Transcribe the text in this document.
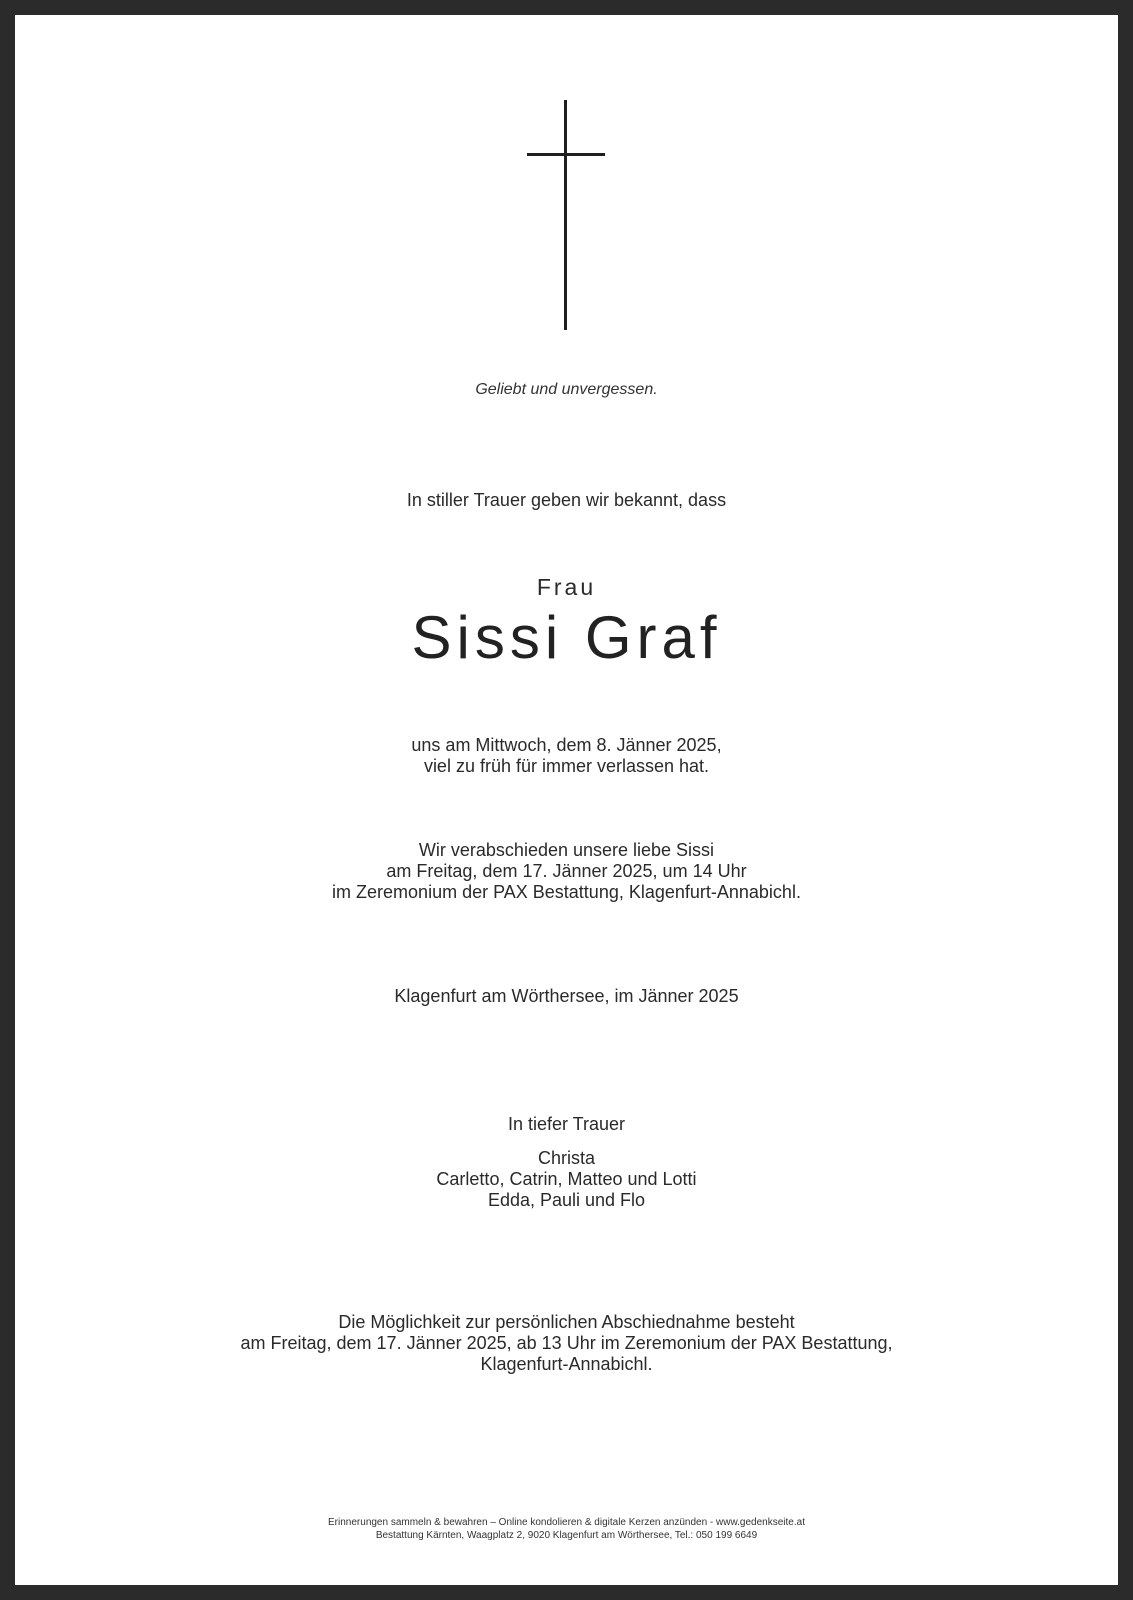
Geliebt und unvergessen.
In stiller Trauer geben wir bekannt, dass
Frau
Sissi Graf
uns am Mittwoch, dem 8. Jänner 2025,
viel zu früh für immer verlassen hat.
Wir verabschieden unsere liebe Sissi
am Freitag, dem 17. Jänner 2025, um 14 Uhr
im Zeremonium der PAX Bestattung, Klagenfurt-Annabichl.
Klagenfurt am Wörthersee, im Jänner 2025
In tiefer Trauer
Christa
Carletto, Catrin, Matteo und Lotti
Edda, Pauli und Flo
Die Möglichkeit zur persönlichen Abschiednahme besteht
am Freitag, dem 17. Jänner 2025, ab 13 Uhr im Zeremonium der PAX Bestattung,
Klagenfurt-Annabichl.
Erinnerungen sammeln & bewahren – Online kondolieren & digitale Kerzen anzünden - www.gedenkseite.at
Bestattung Kärnten, Waagplatz 2, 9020 Klagenfurt am Wörthersee, Tel.: 050 199 6649
